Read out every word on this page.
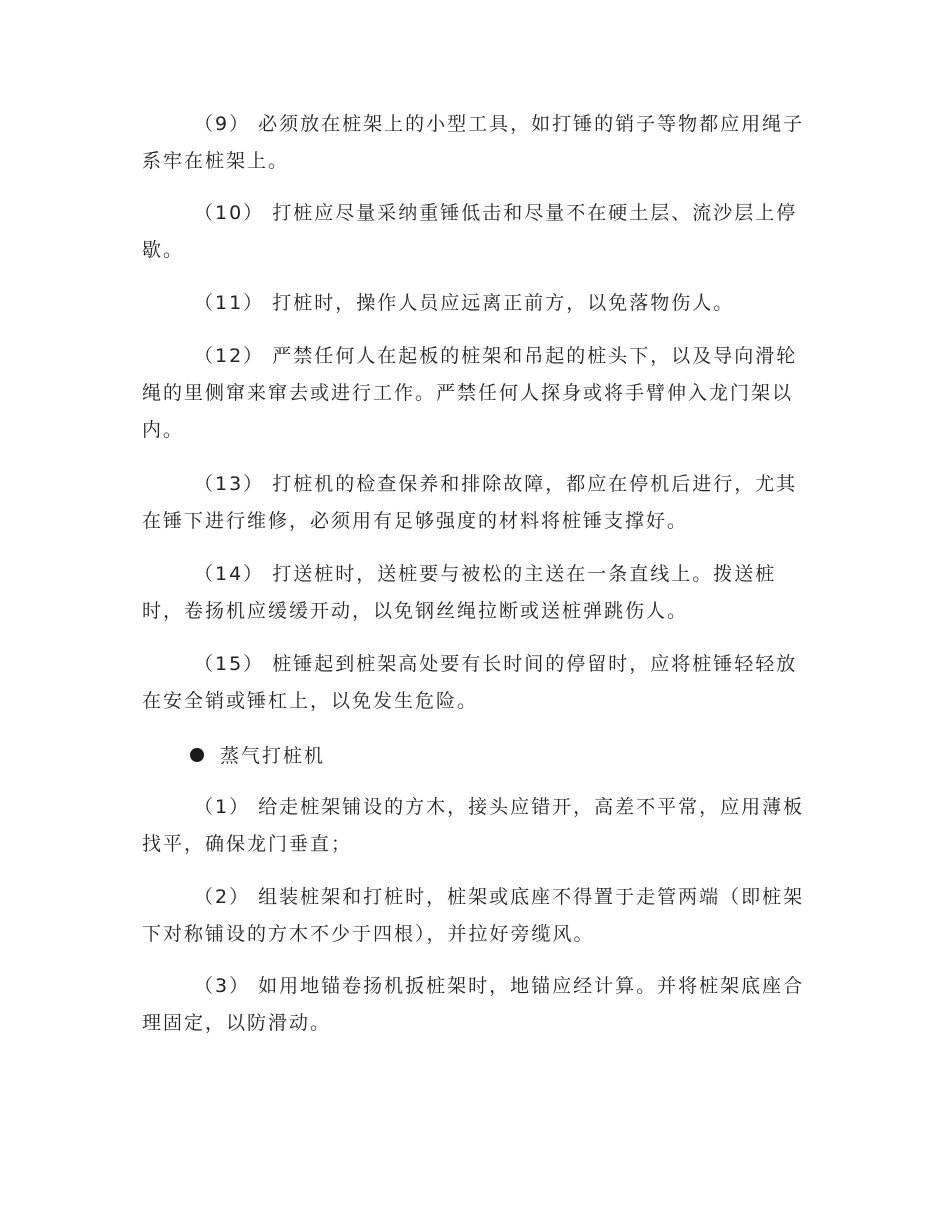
（9） 必须放在桩架上的小型工具，如打锤的销子等物都应用绳子系牢在桩架上。

（10） 打桩应尽量采纳重锤低击和尽量不在硬土层、流沙层上停歇。

（11） 打桩时，操作人员应远离正前方，以免落物伤人。

（12） 严禁任何人在起板的桩架和吊起的桩头下，以及导向滑轮绳的里侧窜来窜去或进行工作。严禁任何人探身或将手臂伸入龙门架以内。

（13） 打桩机的检查保养和排除故障，都应在停机后进行，尤其在锤下进行维修，必须用有足够强度的材料将桩锤支撑好。

（14） 打送桩时，送桩要与被松的主送在一条直线上。拨送桩时，卷扬机应缓缓开动，以免钢丝绳拉断或送桩弹跳伤人。

（15） 桩锤起到桩架高处要有长时间的停留时，应将桩锤轻轻放在安全销或锤杠上，以免发生危险。

蒸气打桩机

（1） 给走桩架铺设的方木，接头应错开，高差不平常，应用薄板找平，确保龙门垂直；

（2） 组装桩架和打桩时，桩架或底座不得置于走管两端（即桩架下对称铺设的方木不少于四根），并拉好旁缆风。

（3） 如用地锚卷扬机扳桩架时，地锚应经计算。并将桩架底座合理固定，以防滑动。
